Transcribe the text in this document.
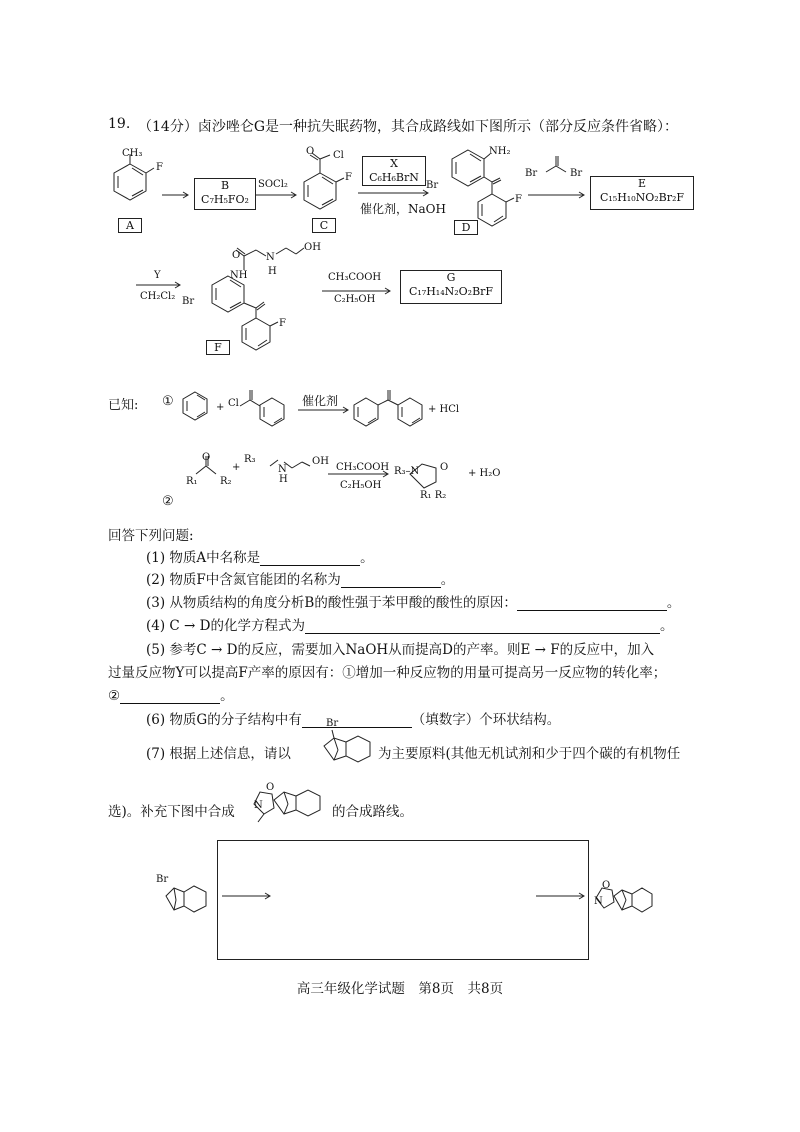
19. （14分）卤沙唑仑G是一种抗失眠药物，其合成路线如下图所示（部分反应条件省略）：
CH₃
F
A
B
C₇H₅FO₂
SOCl₂
O Cl
F
C
X
C₆H₆BrN
催化剂，NaOH
NH₂
Br
F
D
Br	Br
E
C₁₅H₁₀NO₂Br₂F
Y
CH₂Cl₂
O
NH
N
H
OH
Br
F
F
CH₃COOH
C₂H₅OH
G
C₁₇H₁₄N₂O₂BrF
已知: ①	+ Cl	催化剂
+ HCl
O
R₁ R₂
+
R₃
N
H
OH
CH₃COOH
C₂H₅OH
R₃–N O
R₁ R₂
+ H₂O
②
回答下列问题:
(1) 物质A中名称是	。
(2) 物质F中含氮官能团的名称为	。
(3) 从物质结构的角度分析B的酸性强于苯甲酸的酸性的原因：	。
(4) C → D的化学方程式为	。
(5) 参考C → D的反应，需要加入NaOH从而提高D的产率。则E → F的反应中，加入
过量反应物Y可以提高F产率的原因有：①增加一种反应物的用量可提高另一反应物的转化率；
②	。
(6) 物质G的分子结构中有	（填数字）个环状结构。
(7) 根据上述信息，请以
Br
为主要原料(其他无机试剂和少于四个碳的有机物任
选)。补充下图中合成
O
N	的合成路线。
Br
O
N
高三年级化学试题　第8页　共8页
